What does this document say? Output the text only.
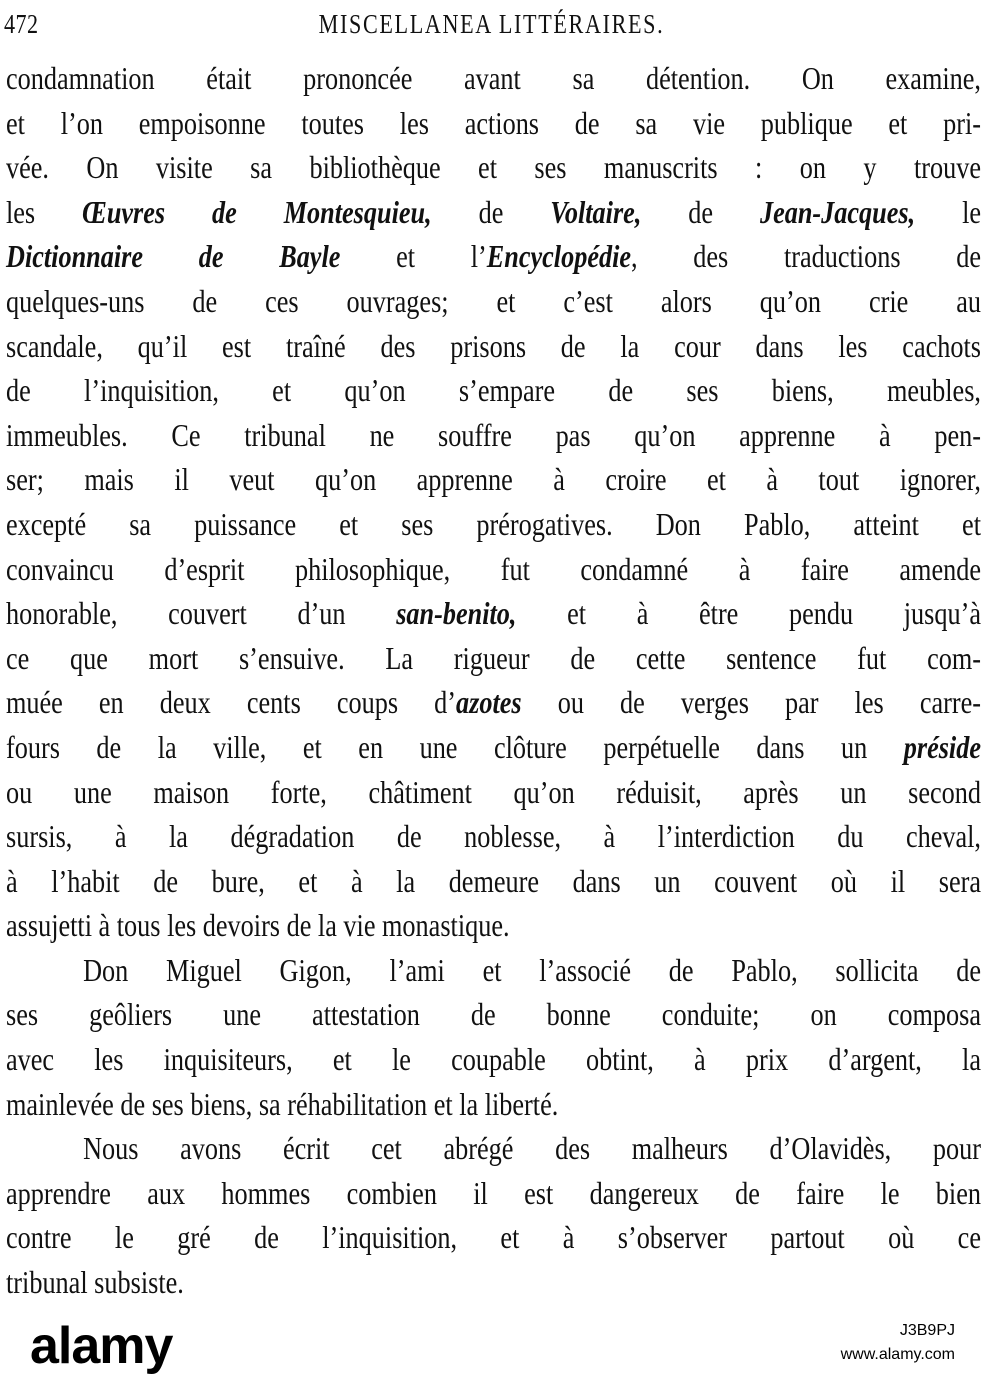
472	MISCELLANEA LITTÉRAIRES.
condamnation était prononcée avant sa détention. On examine,
et l’on empoisonne toutes les actions de sa vie publique et pri-
vée. On visite sa bibliothèque et ses manuscrits : on y trouve
les Œuvres de Montesquieu, de Voltaire, de Jean-Jacques, le
Dictionnaire de Bayle et l’Encyclopédie, des traductions de
quelques-uns de ces ouvrages; et c’est alors qu’on crie au
scandale, qu’il est traîné des prisons de la cour dans les cachots
de l’inquisition, et qu’on s’empare de ses biens, meubles,
immeubles. Ce tribunal ne souffre pas qu’on apprenne à pen-
ser; mais il veut qu’on apprenne à croire et à tout ignorer,
excepté sa puissance et ses prérogatives. Don Pablo, atteint et
convaincu d’esprit philosophique, fut condamné à faire amende
honorable, couvert d’un san-benito, et à être pendu jusqu’à
ce que mort s’ensuive. La rigueur de cette sentence fut com-
muée en deux cents coups d’azotes ou de verges par les carre-
fours de la ville, et en une clôture perpétuelle dans un préside
ou une maison forte, châtiment qu’on réduisit, après un second
sursis, à la dégradation de noblesse, à l’interdiction du cheval,
à l’habit de bure, et à la demeure dans un couvent où il sera
assujetti à tous les devoirs de la vie monastique.
Don Miguel Gigon, l’ami et l’associé de Pablo, sollicita de
ses geôliers une attestation de bonne conduite; on composa
avec les inquisiteurs, et le coupable obtint, à prix d’argent, la
mainlevée de ses biens, sa réhabilitation et la liberté.
Nous avons écrit cet abrégé des malheurs d’Olavidès, pour
apprendre aux hommes combien il est dangereux de faire le bien
contre le gré de l’inquisition, et à s’observer partout où ce
tribunal subsiste.
alamy	J3B9PJ
www.alamy.com
